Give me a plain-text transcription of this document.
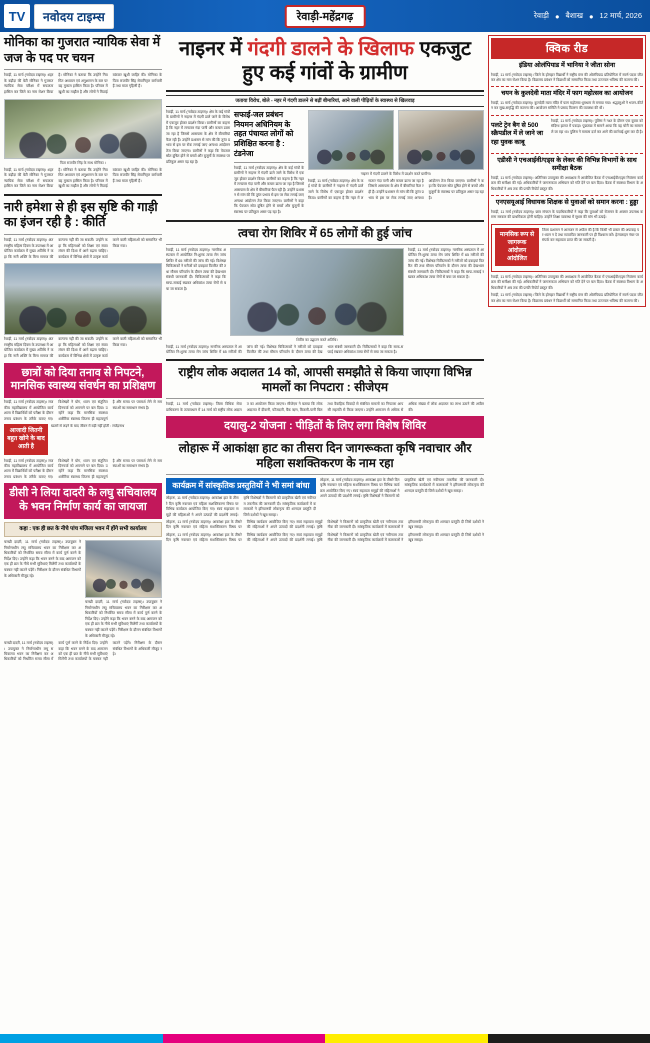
TV	नवोदय टाइम्स	रेवाड़ी-महेंद्रगढ़	रेवाड़ी ● बैशाख ● 12 मार्च, 2026
मोनिका का गुजरात न्यायिक सेवा में जज के पद पर चयन
रेवाड़ी, 11 मार्च (नवोदय टाइम्स)। शहर के बड़ौदा की बेटी मोनिका ने गुजरात न्यायिक सेवा परीक्षा में सफलता हासिल कर जिले का नाम रोशन किया है। मोनिका ने बताया कि उन्होंने नियमित अध्ययन एवं अनुशासन के बल पर यह मुकाम हासिल किया है। परिवार में खुशी का माहौल है और लोगों ने मिठाई बांटकर खुशी जाहिर की। मोनिका के पिता राजवीर सिंह सेवानिवृत्त कर्मचारी हैं तथा माता गृहिणी हैं।
पिता राजवीर सिंह के साथ मोनिका ।
रेवाड़ी, 11 मार्च (नवोदय टाइम्स)। शहर के बड़ौदा की बेटी मोनिका ने गुजरात न्यायिक सेवा परीक्षा में सफलता हासिल कर जिले का नाम रोशन किया है। मोनिका ने बताया कि उन्होंने नियमित अध्ययन एवं अनुशासन के बल पर यह मुकाम हासिल किया है। परिवार में खुशी का माहौल है और लोगों ने मिठाई बांटकर खुशी जाहिर की। मोनिका के पिता राजवीर सिंह सेवानिवृत्त कर्मचारी हैं तथा माता गृहिणी हैं।
नारी हमेशा से ही इस सृष्टि की गाड़ी का इंजन रही है : कीर्ति
रेवाड़ी, 11 मार्च (नवोदय टाइम्स)। अंतरराष्ट्रीय महिला दिवस के उपलक्ष्य में आयोजित कार्यक्रम में मुख्य अतिथि ने कहा कि नारी शक्ति के बिना समाज की कल्पना नहीं की जा सकती। उन्होंने कहा कि महिलाओं को शिक्षा एवं स्वावलंबन की दिशा में आगे बढ़ना चाहिए। कार्यक्रम में विभिन्न क्षेत्रों में उत्कृष्ट कार्य करने वाली महिलाओं को सम्मानित भी किया गया।
रेवाड़ी, 11 मार्च (नवोदय टाइम्स)। अंतरराष्ट्रीय महिला दिवस के उपलक्ष्य में आयोजित कार्यक्रम में मुख्य अतिथि ने कहा कि नारी शक्ति के बिना समाज की कल्पना नहीं की जा सकती। उन्होंने कहा कि महिलाओं को शिक्षा एवं स्वावलंबन की दिशा में आगे बढ़ना चाहिए। कार्यक्रम में विभिन्न क्षेत्रों में उत्कृष्ट कार्य करने वाली महिलाओं को सम्मानित भी किया गया।
छात्रों को दिया तनाव से निपटने, मानसिक स्वास्थ्य संवर्धन का प्रशिक्षण
रेवाड़ी, 11 मार्च (नवोदय टाइम्स)। राजकीय महाविद्यालय में आयोजित कार्यशाला में विद्यार्थियों को परीक्षा के दौरान तनाव प्रबंधन के तरीके बताए गए। विशेषज्ञों ने योग, ध्यान एवं संतुलित दिनचर्या को अपनाने पर बल दिया। उन्होंने कहा कि मानसिक स्वास्थ्य शारीरिक स्वास्थ्य जितना ही महत्वपूर्ण है और समय पर परामर्श लेने से समस्याओं का समाधान संभव है।
आजादी जितनी बहुत खोने के बाद आती है
खतरों से लड़ने के बाद जीवन में बड़ी नहीं होती : राजेंद्रनाथ
रेवाड़ी, 11 मार्च (नवोदय टाइम्स)। राजकीय महाविद्यालय में आयोजित कार्यशाला में विद्यार्थियों को परीक्षा के दौरान तनाव प्रबंधन के तरीके बताए गए। विशेषज्ञों ने योग, ध्यान एवं संतुलित दिनचर्या को अपनाने पर बल दिया। उन्होंने कहा कि मानसिक स्वास्थ्य शारीरिक स्वास्थ्य जितना ही महत्वपूर्ण है और समय पर परामर्श लेने से समस्याओं का समाधान संभव है।
डीसी ने लिया दादरी के लघु सचिवालय के भवन निर्माण कार्य का जायजा
कहा : एक ही छत के नीचे पांच मंजिला भवन में होंगे सभी कार्यालय
चरखी दादरी, 11 मार्च (नवोदय टाइम्स)। उपायुक्त ने निर्माणाधीन लघु सचिवालय भवन का निरीक्षण कर अधिकारियों को निर्धारित समय सीमा में कार्य पूर्ण करने के निर्देश दिए। उन्होंने कहा कि भवन बनने के बाद आमजन को एक ही छत के नीचे सभी सुविधाएं मिलेंगी तथा कार्यालयों के चक्कर नहीं काटने पड़ेंगे। निरीक्षण के दौरान संबंधित विभागों के अधिकारी मौजूद रहे।
चरखी दादरी, 11 मार्च (नवोदय टाइम्स)। उपायुक्त ने निर्माणाधीन लघु सचिवालय भवन का निरीक्षण कर अधिकारियों को निर्धारित समय सीमा में कार्य पूर्ण करने के निर्देश दिए। उन्होंने कहा कि भवन बनने के बाद आमजन को एक ही छत के नीचे सभी सुविधाएं मिलेंगी तथा कार्यालयों के चक्कर नहीं काटने पड़ेंगे। निरीक्षण के दौरान संबंधित विभागों के अधिकारी मौजूद रहे।
चरखी दादरी, 11 मार्च (नवोदय टाइम्स)। उपायुक्त ने निर्माणाधीन लघु सचिवालय भवन का निरीक्षण कर अधिकारियों को निर्धारित समय सीमा में कार्य पूर्ण करने के निर्देश दिए। उन्होंने कहा कि भवन बनने के बाद आमजन को एक ही छत के नीचे सभी सुविधाएं मिलेंगी तथा कार्यालयों के चक्कर नहीं काटने पड़ेंगे। निरीक्षण के दौरान संबंधित विभागों के अधिकारी मौजूद रहे।
नाइनर में गंदगी डालने के खिलाफ एकजुट हुए कई गांवों के ग्रामीण
जताया विरोध, बोले - नहर में गंदगी डालने से बढ़ीं बीमारियां, आने वाली पीढ़ियों के स्वास्थ्य से खिलवाड़
रेवाड़ी, 11 मार्च (नवोदय टाइम्स)। क्षेत्र के कई गांवों के ग्रामीणों ने नाइनर में गंदगी डाले जाने के विरोध में एकजुट होकर प्रदर्शन किया। ग्रामीणों का कहना है कि नहर में लगातार गंदा पानी और कचरा डाला जा रहा है जिससे आसपास के क्षेत्र में बीमारियां फैल रही हैं। उन्होंने प्रशासन से मांग की कि तुरंत प्रभाव से इस पर रोक लगाई जाए अन्यथा आंदोलन तेज किया जाएगा। ग्रामीणों ने कहा कि पेयजल स्रोत दूषित होने से बच्चों और बुजुर्गों के स्वास्थ्य पर प्रतिकूल असर पड़ रहा है।
सफाई-जल प्रबंधन नियमन अधिनियम के तहत पंचायत लोगों को प्रशिक्षित करना है : टंडनेजा
रेवाड़ी, 11 मार्च (नवोदय टाइम्स)। क्षेत्र के कई गांवों के ग्रामीणों ने नाइनर में गंदगी डाले जाने के विरोध में एकजुट होकर प्रदर्शन किया। ग्रामीणों का कहना है कि नहर में लगातार गंदा पानी और कचरा डाला जा रहा है जिससे आसपास के क्षेत्र में बीमारियां फैल रही हैं। उन्होंने प्रशासन से मांग की कि तुरंत प्रभाव से इस पर रोक लगाई जाए अन्यथा आंदोलन तेज किया जाएगा। ग्रामीणों ने कहा कि पेयजल स्रोत दूषित होने से बच्चों और बुजुर्गों के स्वास्थ्य पर प्रतिकूल असर पड़ रहा है।
नाइनर में गंदगी डालने के विरोध में प्रदर्शन करते ग्रामीण।
रेवाड़ी, 11 मार्च (नवोदय टाइम्स)। क्षेत्र के कई गांवों के ग्रामीणों ने नाइनर में गंदगी डाले जाने के विरोध में एकजुट होकर प्रदर्शन किया। ग्रामीणों का कहना है कि नहर में लगातार गंदा पानी और कचरा डाला जा रहा है जिससे आसपास के क्षेत्र में बीमारियां फैल रही हैं। उन्होंने प्रशासन से मांग की कि तुरंत प्रभाव से इस पर रोक लगाई जाए अन्यथा आंदोलन तेज किया जाएगा। ग्रामीणों ने कहा कि पेयजल स्रोत दूषित होने से बच्चों और बुजुर्गों के स्वास्थ्य पर प्रतिकूल असर पड़ रहा है।
त्वचा रोग शिविर में 65 लोगों की हुई जांच
रेवाड़ी, 11 मार्च (नवोदय टाइम्स)। नागरिक अस्पताल में आयोजित नि:शुल्क त्वचा रोग जांच शिविर में 65 मरीजों की जांच की गई। विशेषज्ञ चिकित्सकों ने मरीजों को दवाइयां वितरित कीं तथा मौसम परिवर्तन के दौरान त्वचा की देखभाल संबंधी जानकारी दी। चिकित्सकों ने कहा कि साफ-सफाई रखकर अधिकांश त्वचा रोगों से बचा जा सकता है।
शिविर का उद्घाटन करते अतिथि।
रेवाड़ी, 11 मार्च (नवोदय टाइम्स)। नागरिक अस्पताल में आयोजित नि:शुल्क त्वचा रोग जांच शिविर में 65 मरीजों की जांच की गई। विशेषज्ञ चिकित्सकों ने मरीजों को दवाइयां वितरित कीं तथा मौसम परिवर्तन के दौरान त्वचा की देखभाल संबंधी जानकारी दी। चिकित्सकों ने कहा कि साफ-सफाई रखकर अधिकांश त्वचा रोगों से बचा जा सकता है।
रेवाड़ी, 11 मार्च (नवोदय टाइम्स)। नागरिक अस्पताल में आयोजित नि:शुल्क त्वचा रोग जांच शिविर में 65 मरीजों की जांच की गई। विशेषज्ञ चिकित्सकों ने मरीजों को दवाइयां वितरित कीं तथा मौसम परिवर्तन के दौरान त्वचा की देखभाल संबंधी जानकारी दी। चिकित्सकों ने कहा कि साफ-सफाई रखकर अधिकांश त्वचा रोगों से बचा जा सकता है।
राष्ट्रीय लोक अदालत 14 को, आपसी समझौते से किया जाएगा विभिन्न मामलों का निपटारा : सीजेएम
रेवाड़ी, 11 मार्च (नवोदय टाइम्स)। जिला विधिक सेवा प्राधिकरण के तत्वावधान में 14 मार्च को राष्ट्रीय लोक अदालत का आयोजन किया जाएगा। सीजेएम ने बताया कि लोक अदालत में दीवानी, फौजदारी, बैंक ऋण, बिजली-पानी बिल तथा वैवाहिक विवादों से संबंधित मामलों का निपटारा आपसी सहमति से किया जाएगा। उन्होंने आमजन से अधिक से अधिक संख्या में लोक अदालत का लाभ उठाने की अपील की।
दयालु-2 योजना : पीड़ितों के लिए लगा विशेष शिविर
लोहारू में आकांक्षा हाट का तीसरा दिन जागरूकता कृषि नवाचार और महिला सशक्तिकरण के नाम रहा
कार्यक्रम में सांस्कृतिक प्रस्तुतियों ने भी समां बांधा
लोहारू, 11 मार्च (नवोदय टाइम्स)। आकांक्षा हाट के तीसरे दिन कृषि नवाचार एवं महिला सशक्तिकरण विषय पर विभिन्न कार्यक्रम आयोजित किए गए। स्वयं सहायता समूहों की महिलाओं ने अपने उत्पादों की प्रदर्शनी लगाई। कृषि विशेषज्ञों ने किसानों को प्राकृतिक खेती एवं नवीनतम तकनीक की जानकारी दी। सांस्कृतिक कार्यक्रमों में कलाकारों ने हरियाणवी लोकनृत्य की शानदार प्रस्तुति दी जिसे दर्शकों ने खूब सराहा।
लोहारू, 11 मार्च (नवोदय टाइम्स)। आकांक्षा हाट के तीसरे दिन कृषि नवाचार एवं महिला सशक्तिकरण विषय पर विभिन्न कार्यक्रम आयोजित किए गए। स्वयं सहायता समूहों की महिलाओं ने अपने उत्पादों की प्रदर्शनी लगाई। कृषि विशेषज्ञों ने किसानों को प्राकृतिक खेती एवं नवीनतम तकनीक की जानकारी दी। सांस्कृतिक कार्यक्रमों में कलाकारों ने हरियाणवी लोकनृत्य की शानदार प्रस्तुति दी जिसे दर्शकों ने खूब सराहा।
लोहारू, 11 मार्च (नवोदय टाइम्स)। आकांक्षा हाट के तीसरे दिन कृषि नवाचार एवं महिला सशक्तिकरण विषय पर विभिन्न कार्यक्रम आयोजित किए गए। स्वयं सहायता समूहों की महिलाओं ने अपने उत्पादों की प्रदर्शनी लगाई। कृषि विशेषज्ञों ने किसानों को प्राकृतिक खेती एवं नवीनतम तकनीक की जानकारी दी। सांस्कृतिक कार्यक्रमों में कलाकारों ने हरियाणवी लोकनृत्य की शानदार प्रस्तुति दी जिसे दर्शकों ने खूब सराहा।
लोहारू, 11 मार्च (नवोदय टाइम्स)। आकांक्षा हाट के तीसरे दिन कृषि नवाचार एवं महिला सशक्तिकरण विषय पर विभिन्न कार्यक्रम आयोजित किए गए। स्वयं सहायता समूहों की महिलाओं ने अपने उत्पादों की प्रदर्शनी लगाई। कृषि विशेषज्ञों ने किसानों को प्राकृतिक खेती एवं नवीनतम तकनीक की जानकारी दी। सांस्कृतिक कार्यक्रमों में कलाकारों ने हरियाणवी लोकनृत्य की शानदार प्रस्तुति दी जिसे दर्शकों ने खूब सराहा।
क्विक रीड
इंडिया ओलंपियाड में भानिया ने जीता सोना
रेवाड़ी, 11 मार्च (नवोदय टाइम्स)। जिले के होनहार विद्यार्थी ने राष्ट्रीय स्तर की ओलंपियाड प्रतियोगिता में स्वर्ण पदक जीतकर क्षेत्र का नाम रोशन किया है। विद्यालय प्रबंधन ने विद्यार्थी को सम्मानित किया तथा उज्ज्वल भविष्य की कामना की।
चयन के कुलदेवी माता मंदिर में फाग महोत्सव का आयोजन
रेवाड़ी, 11 मार्च (नवोदय टाइम्स)। कुलदेवी माता मंदिर में फाग महोत्सव धूमधाम से मनाया गया। श्रद्धालुओं ने भजन-कीर्तन कर सुख-समृद्धि की कामना की। आयोजन समिति ने प्रसाद वितरण की व्यवस्था की थी।
पलटे ट्रेन बैग से 500 स्क्रैपडील में ले जाने जा रहा युवक काबू
रेवाड़ी, 11 मार्च (नवोदय टाइम्स)। पुलिस ने गश्त के दौरान एक युवक को संदिग्ध हालत में पकड़ा। पूछताछ में सामने आया कि वह चोरी का सामान ले जा रहा था। पुलिस ने मामला दर्ज कर आगे की कार्रवाई शुरू कर दी है।
एडीसी ने एचआईवी/एड्स के लेकर की विभिन्न विभागों के साथ समीक्षा बैठक
रेवाड़ी, 11 मार्च (नवोदय टाइम्स)। अतिरिक्त उपायुक्त की अध्यक्षता में आयोजित बैठक में एचआईवी/एड्स नियंत्रण कार्यक्रम की समीक्षा की गई। अधिकारियों ने जागरूकता अभियान को गति देने पर बल दिया। बैठक में स्वास्थ्य विभाग के अधिकारियों ने अब तक की प्रगति रिपोर्ट प्रस्तुत की।
एनएसयूआई विधायक शिक्षक से युवाओं को समान करना : हुड्डा
रेवाड़ी, 11 मार्च (नवोदय टाइम्स)। छात्र संगठन के पदाधिकारियों ने कहा कि युवाओं को रोजगार के अवसर उपलब्ध कराना सरकार की प्राथमिकता होनी चाहिए। उन्होंने शिक्षा व्यवस्था में सुधार की मांग भी उठाई।
मानसिक रूप से जागरूक आंदोलन आंदोलित
जिला प्रशासन ने आमजन से अपील की है कि किसी भी प्रकार की अफवाह पर ध्यान न दें तथा सत्यापित जानकारी पर ही विश्वास करें। हेल्पलाइन नंबर पर संपर्क कर सहायता प्राप्त की जा सकती है।
रेवाड़ी, 11 मार्च (नवोदय टाइम्स)। अतिरिक्त उपायुक्त की अध्यक्षता में आयोजित बैठक में एचआईवी/एड्स नियंत्रण कार्यक्रम की समीक्षा की गई। अधिकारियों ने जागरूकता अभियान को गति देने पर बल दिया। बैठक में स्वास्थ्य विभाग के अधिकारियों ने अब तक की प्रगति रिपोर्ट प्रस्तुत की।
रेवाड़ी, 11 मार्च (नवोदय टाइम्स)। जिले के होनहार विद्यार्थी ने राष्ट्रीय स्तर की ओलंपियाड प्रतियोगिता में स्वर्ण पदक जीतकर क्षेत्र का नाम रोशन किया है। विद्यालय प्रबंधन ने विद्यार्थी को सम्मानित किया तथा उज्ज्वल भविष्य की कामना की।
